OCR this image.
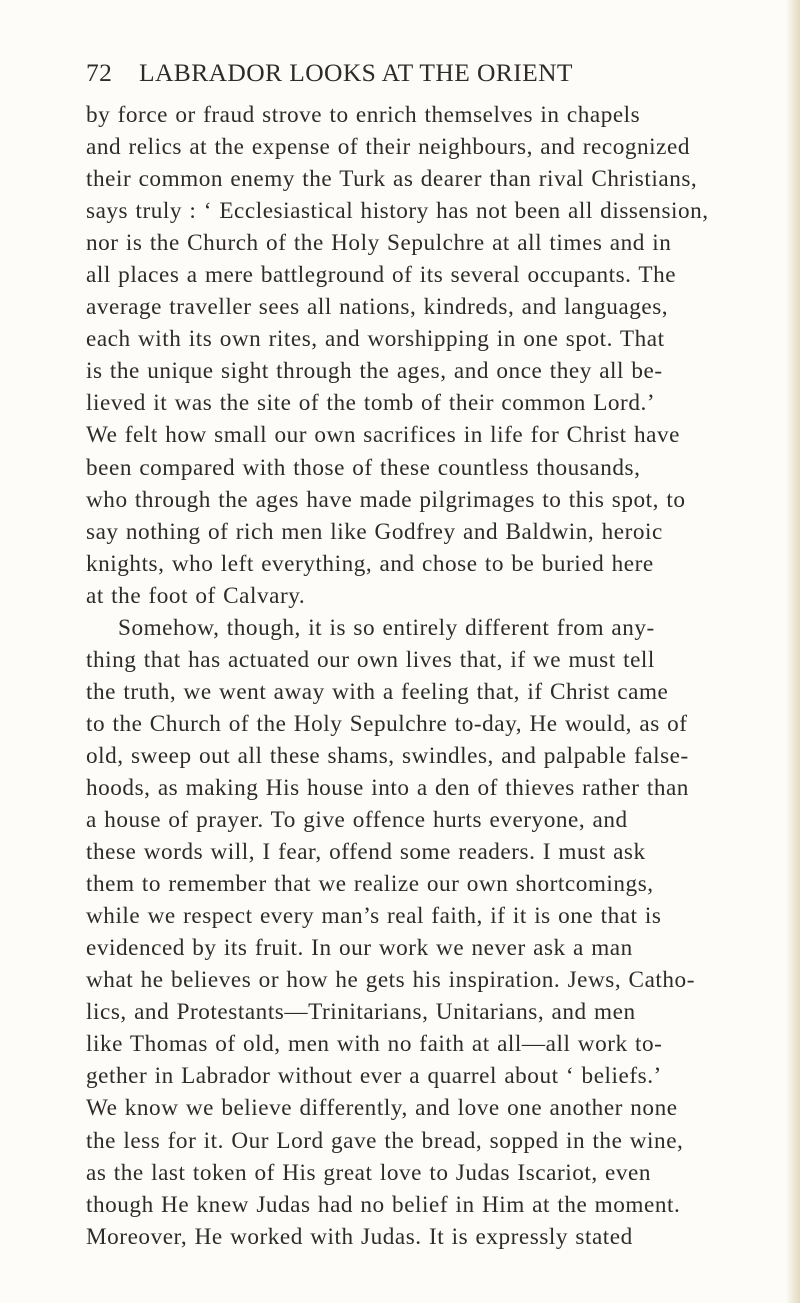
72 LABRADOR LOOKS AT THE ORIENT
by force or fraud strove to enrich themselves in chapels
and relics at the expense of their neighbours, and recognized
their common enemy the Turk as dearer than rival Christians,
says truly : ‘ Ecclesiastical history has not been all dissension,
nor is the Church of the Holy Sepulchre at all times and in
all places a mere battleground of its several occupants. The
average traveller sees all nations, kindreds, and languages,
each with its own rites, and worshipping in one spot. That
is the unique sight through the ages, and once they all be-
lieved it was the site of the tomb of their common Lord.’
We felt how small our own sacrifices in life for Christ have
been compared with those of these countless thousands,
who through the ages have made pilgrimages to this spot, to
say nothing of rich men like Godfrey and Baldwin, heroic
knights, who left everything, and chose to be buried here
at the foot of Calvary.
Somehow, though, it is so entirely different from any-
thing that has actuated our own lives that, if we must tell
the truth, we went away with a feeling that, if Christ came
to the Church of the Holy Sepulchre to-day, He would, as of
old, sweep out all these shams, swindles, and palpable false-
hoods, as making His house into a den of thieves rather than
a house of prayer. To give offence hurts everyone, and
these words will, I fear, offend some readers. I must ask
them to remember that we realize our own shortcomings,
while we respect every man’s real faith, if it is one that is
evidenced by its fruit. In our work we never ask a man
what he believes or how he gets his inspiration. Jews, Catho-
lics, and Protestants—Trinitarians, Unitarians, and men
like Thomas of old, men with no faith at all—all work to-
gether in Labrador without ever a quarrel about ‘ beliefs.’
We know we believe differently, and love one another none
the less for it. Our Lord gave the bread, sopped in the wine,
as the last token of His great love to Judas Iscariot, even
though He knew Judas had no belief in Him at the moment.
Moreover, He worked with Judas. It is expressly stated
